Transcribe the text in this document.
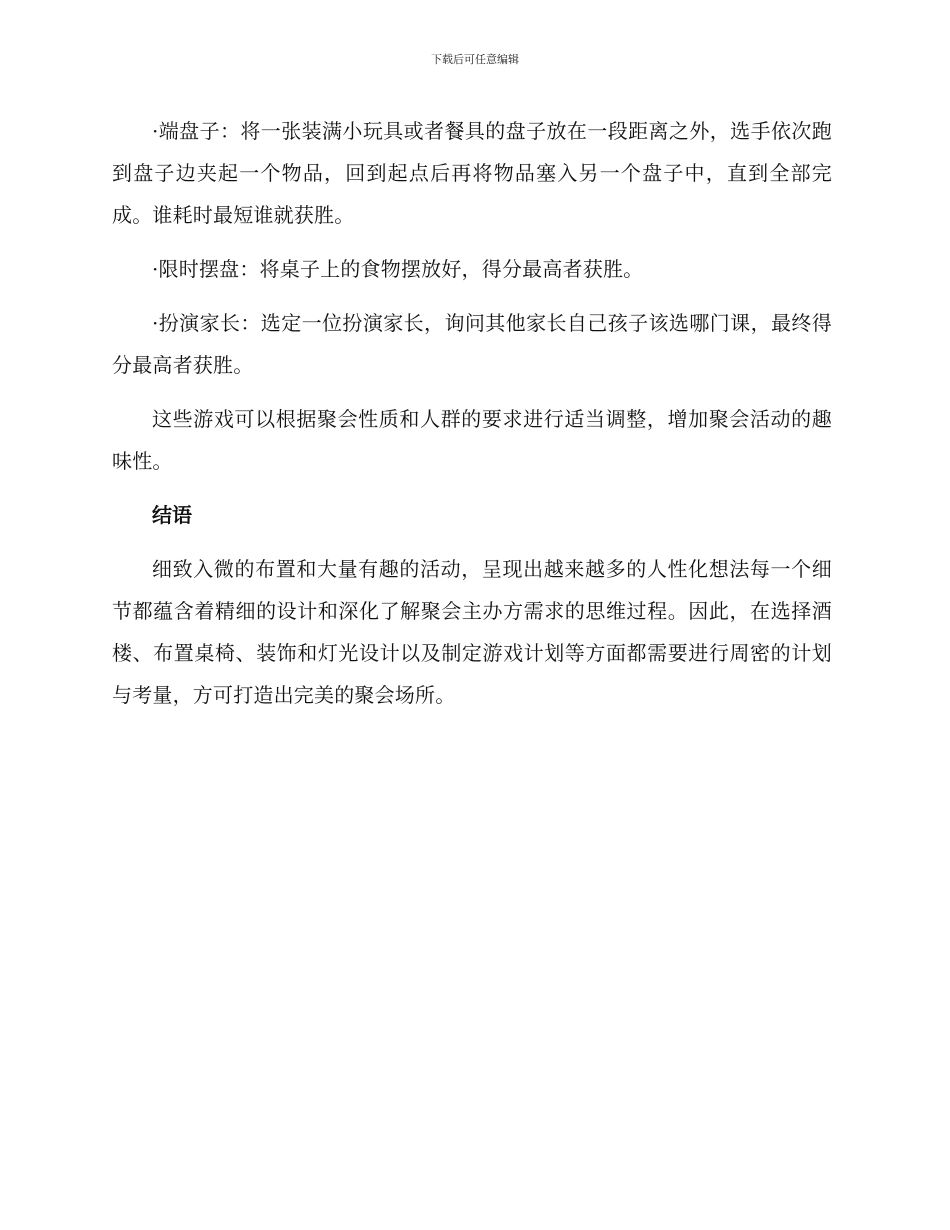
下载后可任意编辑

·端盘子：将一张装满小玩具或者餐具的盘子放在一段距离之外，选手依次跑到盘子边夹起一个物品，回到起点后再将物品塞入另一个盘子中，直到全部完成。谁耗时最短谁就获胜。

·限时摆盘：将桌子上的食物摆放好，得分最高者获胜。

·扮演家长：选定一位扮演家长，询问其他家长自己孩子该选哪门课，最终得分最高者获胜。

这些游戏可以根据聚会性质和人群的要求进行适当调整，增加聚会活动的趣味性。

结语

细致入微的布置和大量有趣的活动，呈现出越来越多的人性化想法每一个细节都蕴含着精细的设计和深化了解聚会主办方需求的思维过程。因此，在选择酒楼、布置桌椅、装饰和灯光设计以及制定游戏计划等方面都需要进行周密的计划与考量，方可打造出完美的聚会场所。
